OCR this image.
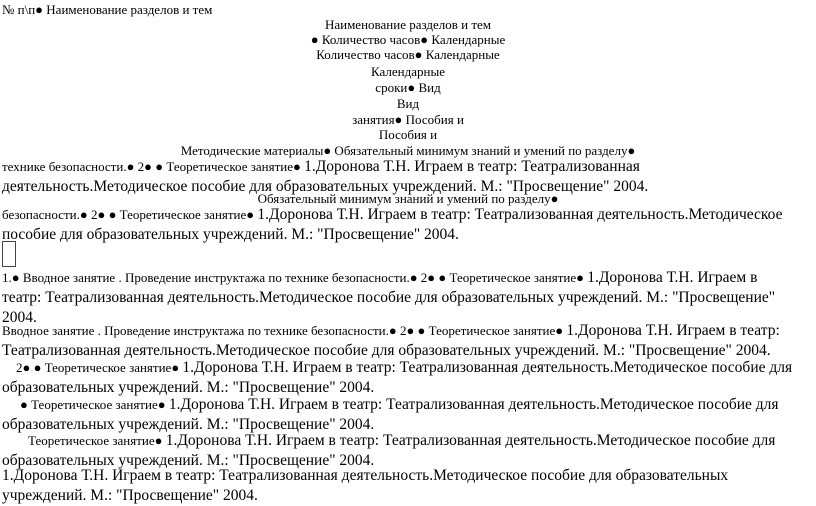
№ п\п● Наименование разделов и тем
Наименование разделов и тем
● Количество часов● Календарные
Количество часов● Календарные
Календарные
сроки● Вид
Вид
занятия● Пособия и
Пособия и
Методические материалы● Обязательный минимум знаний и умений по разделу●
технике безопасности.● 2● ● Теоретическое занятие● 1.Доронова Т.Н. Играем в театр: Театрализованная
деятельность.Методическое пособие для образовательных учреждений. М.: "Просвещение" 2004.
Обязательный минимум знаний и умений по разделу●
безопасности.● 2● ● Теоретическое занятие● 1.Доронова Т.Н. Играем в театр: Театрализованная деятельность.Методическое
пособие для образовательных учреждений. М.: "Просвещение" 2004.
1.● Вводное занятие . Проведение инструктажа по технике безопасности.● 2● ● Теоретическое занятие● 1.Доронова Т.Н. Играем в
театр: Театрализованная деятельность.Методическое пособие для образовательных учреждений. М.: "Просвещение"
2004.
Вводное занятие . Проведение инструктажа по технике безопасности.● 2● ● Теоретическое занятие● 1.Доронова Т.Н. Играем в театр:
Театрализованная деятельность.Методическое пособие для образовательных учреждений. М.: "Просвещение" 2004.
2● ● Теоретическое занятие● 1.Доронова Т.Н. Играем в театр: Театрализованная деятельность.Методическое пособие для
образовательных учреждений. М.: "Просвещение" 2004.
● Теоретическое занятие● 1.Доронова Т.Н. Играем в театр: Театрализованная деятельность.Методическое пособие для
образовательных учреждений. М.: "Просвещение" 2004.
Теоретическое занятие● 1.Доронова Т.Н. Играем в театр: Театрализованная деятельность.Методическое пособие для
образовательных учреждений. М.: "Просвещение" 2004.
1.Доронова Т.Н. Играем в театр: Театрализованная деятельность.Методическое пособие для образовательных
учреждений. М.: "Просвещение" 2004.
